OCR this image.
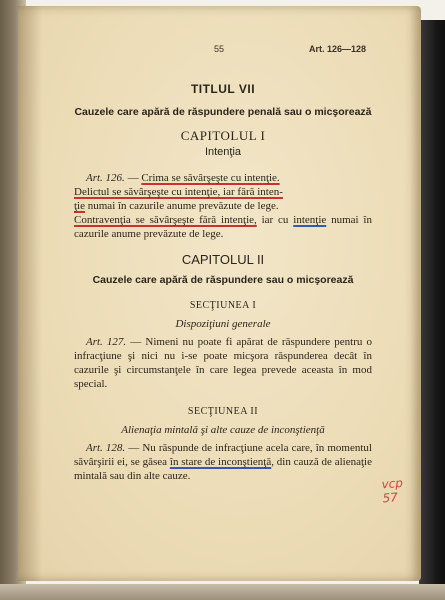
55	Art. 126—128
TITLUL VII
Cauzele care apără de răspundere penală sau o micşorează
CAPITOLUL I
Intenţia

Art. 126. — Crima se săvârşeşte cu intenţie.
Delictul se săvârşeşte cu intenţie, iar fără inten-
ţie numai în cazurile anume prevăzute de lege.
Contravenţia se săvârşeşte fără intenţie, iar cu intenţie numai în cazurile anume prevăzute de lege.

CAPITOLUL II
Cauzele care apără de răspundere sau o micşorează
SECŢIUNEA I
Dispoziţiuni generale

Art. 127. — Nimeni nu poate fi apărat de răspundere pentru o infracţiune şi nici nu i-se poate micşora răspunderea decât în cazurile şi circumstanţele în care legea prevede aceasta în mod special.

SECŢIUNEA II
Alienaţia mintală şi alte cauze de inconştienţă

Art. 128. — Nu răspunde de infracţiune acela care, în momentul săvârşirii ei, se găsea în stare de inconştienţă, din cauză de alienaţie mintală sau din alte cauze.	vcp 57
